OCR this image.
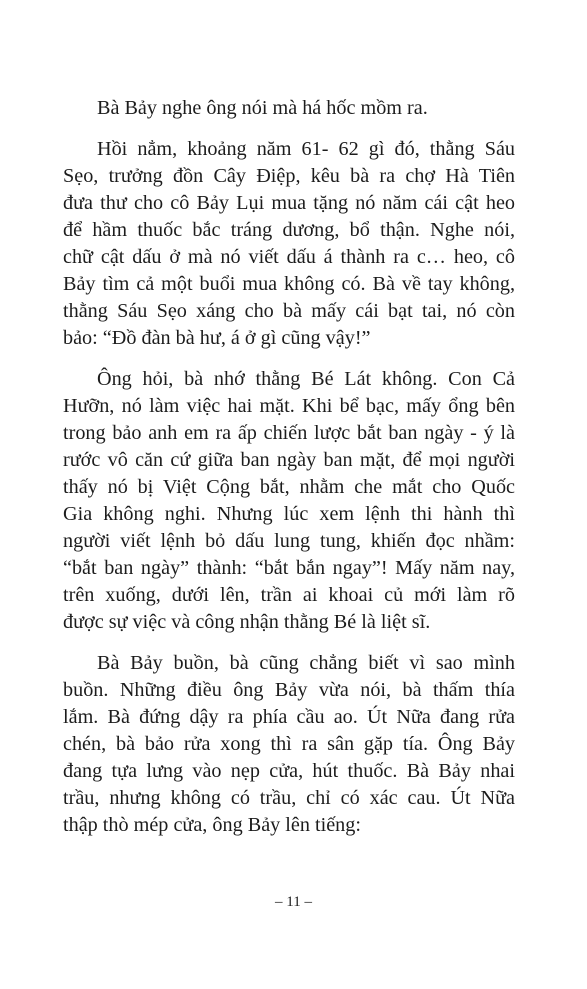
Bà Bảy nghe ông nói mà há hốc mồm ra.
Hồi nẳm, khoảng năm 61- 62 gì đó, thằng Sáu
Sẹo, trưởng đồn Cây Điệp, kêu bà ra chợ Hà Tiên
đưa thư cho cô Bảy Lụi mua tặng nó năm cái cật heo
để hầm thuốc bắc tráng dương, bổ thận. Nghe nói,
chữ cật dấu ở mà nó viết dấu á thành ra c… heo, cô
Bảy tìm cả một buổi mua không có. Bà về tay không,
thằng Sáu Sẹo xáng cho bà mấy cái bạt tai, nó còn
bảo: “Đồ đàn bà hư, á ở gì cũng vậy!”
Ông hỏi, bà nhớ thằng Bé Lát không. Con Cả
Hưỡn, nó làm việc hai mặt. Khi bể bạc, mấy ổng bên
trong bảo anh em ra ấp chiến lược bắt ban ngày - ý là
rước vô căn cứ giữa ban ngày ban mặt, để mọi người
thấy nó bị Việt Cộng bắt, nhằm che mắt cho Quốc
Gia không nghi. Nhưng lúc xem lệnh thi hành thì
người viết lệnh bỏ dấu lung tung, khiến đọc nhầm:
“bắt ban ngày” thành: “bắt bắn ngay”! Mấy năm nay,
trên xuống, dưới lên, trần ai khoai củ mới làm rõ
được sự việc và công nhận thằng Bé là liệt sĩ.
Bà Bảy buồn, bà cũng chẳng biết vì sao mình
buồn. Những điều ông Bảy vừa nói, bà thấm thía
lắm. Bà đứng dậy ra phía cầu ao. Út Nữa đang rửa
chén, bà bảo rửa xong thì ra sân gặp tía. Ông Bảy
đang tựa lưng vào nẹp cửa, hút thuốc. Bà Bảy nhai
trầu, nhưng không có trầu, chỉ có xác cau. Út Nữa
thập thò mép cửa, ông Bảy lên tiếng:
– 11 –
